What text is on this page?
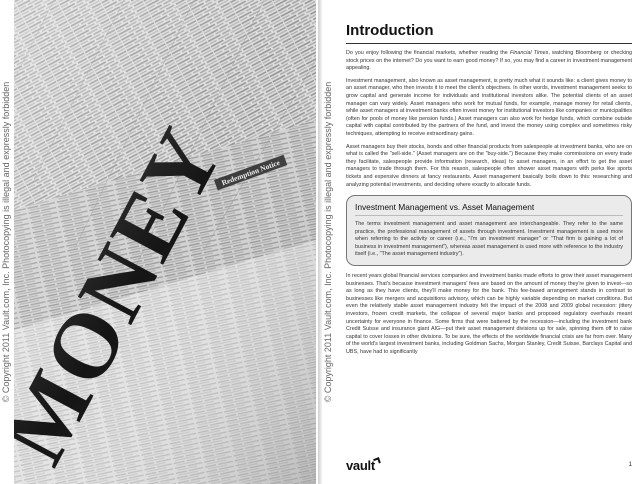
© Copyright 2011 Vault.com, Inc. Photocopying is illegal and expressly forbidden	© Copyright 2011 Vault.com, Inc. Photocopying is illegal and expressly forbidden
Introduction

Do you enjoy following the financial markets, whether reading the Financial Times, watching Bloomberg or checking stock prices on the internet? Do you want to earn good money? If so, you may find a career in investment management appealing.

Investment management, also known as asset management, is pretty much what it sounds like: a client gives money to an asset manager, who then invests it to meet the client's objectives. In other words, investment management seeks to grow capital and generate income for individuals and institutional investors alike. The potential clients of an asset manager can vary widely. Asset managers who work for mutual funds, for example, manage money for retail clients, while asset managers at investment banks often invest money for institutional investors like companies or municipalities (often for pools of money like pension funds.) Asset managers can also work for hedge funds, which combine outside capital with capital contributed by the partners of the fund, and invest the money using complex and sometimes risky techniques, attempting to receive extraordinary gains.

Asset managers buy their stocks, bonds and other financial products from salespeople at investment banks, who are on what is called the "sell-side." (Asset managers are on the "buy-side.") Because they make commissions on every trade they facilitate, salespeople provide information (research, ideas) to asset managers, in an effort to get the asset managers to trade through them. For this reason, salespeople often shower asset managers with perks like sports tickets and expensive dinners at fancy restaurants. Asset management basically boils down to this: researching and analyzing potential investments, and deciding where exactly to allocate funds.

Investment Management vs. Asset Management

The terms investment management and asset management are interchangeable. They refer to the same practice, the professional management of assets through investment. Investment management is used more when referring to the activity or career (i.e., "I'm an investment manager" or "That firm is gaining a lot of business in investment management"), whereas asset management is used more with reference to the industry itself (i.e., "The asset management industry").

In recent years global financial services companies and investment banks made efforts to grow their asset management businesses. That's because investment managers' fees are based on the amount of money they're given to invest—so as long as they have clients, they'll make money for the bank. This fee-based arrangement stands in contrast to businesses like mergers and acquisitions advisory, which can be highly variable depending on market conditions. But even the relatively stable asset management industry felt the impact of the 2008 and 2009 global recession: jittery investors, frozen credit markets, the collapse of several major banks and proposed regulatory overhauls meant uncertainty for everyone in finance. Some firms that were battered by the recession—including the investment bank Credit Suisse and insurance giant AIG—put their asset management divisions up for sale, spinning them off to raise capital to cover losses in other divisions. To be sure, the effects of the worldwide financial crisis are far from over. Many of the world's largest investment banks, including Goldman Sachs, Morgan Stanley, Credit Suisse, Barclays Capital and UBS, have had to significantly

vault	1
